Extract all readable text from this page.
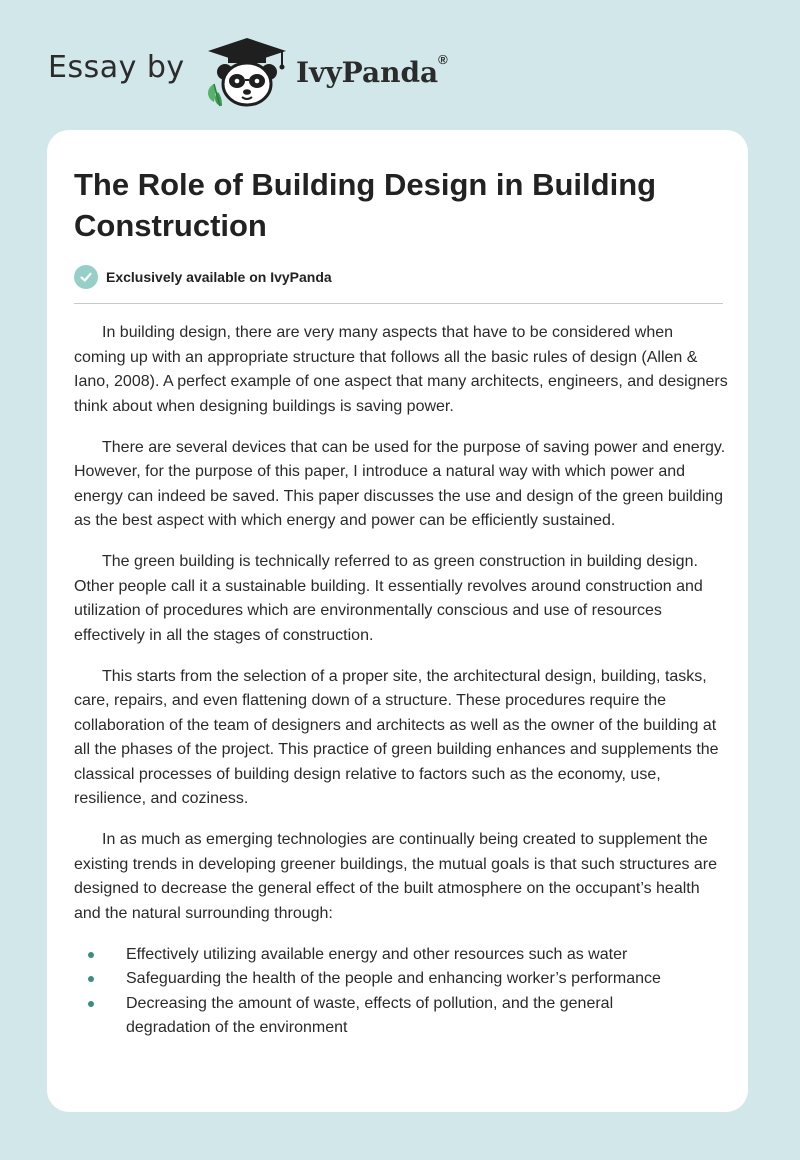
Essay by	IvyPanda®
The Role of Building Design in Building Construction
Exclusively available on IvyPanda

In building design, there are very many aspects that have to be considered when coming up with an appropriate structure that follows all the basic rules of design (Allen & Iano, 2008). A perfect example of one aspect that many architects, engineers, and designers think about when designing buildings is saving power.

There are several devices that can be used for the purpose of saving power and energy. However, for the purpose of this paper, I introduce a natural way with which power and energy can indeed be saved. This paper discusses the use and design of the green building as the best aspect with which energy and power can be efficiently sustained.

The green building is technically referred to as green construction in building design. Other people call it a sustainable building. It essentially revolves around construction and utilization of procedures which are environmentally conscious and use of resources effectively in all the stages of construction.

This starts from the selection of a proper site, the architectural design, building, tasks, care, repairs, and even flattening down of a structure. These procedures require the collaboration of the team of designers and architects as well as the owner of the building at all the phases of the project. This practice of green building enhances and supplements the classical processes of building design relative to factors such as the economy, use, resilience, and coziness.

In as much as emerging technologies are continually being created to supplement the existing trends in developing greener buildings, the mutual goals is that such structures are designed to decrease the general effect of the built atmosphere on the occupant’s health and the natural surrounding through:

Effectively utilizing available energy and other resources such as water
Safeguarding the health of the people and enhancing worker’s performance
Decreasing the amount of waste, effects of pollution, and the general degradation of the environment
